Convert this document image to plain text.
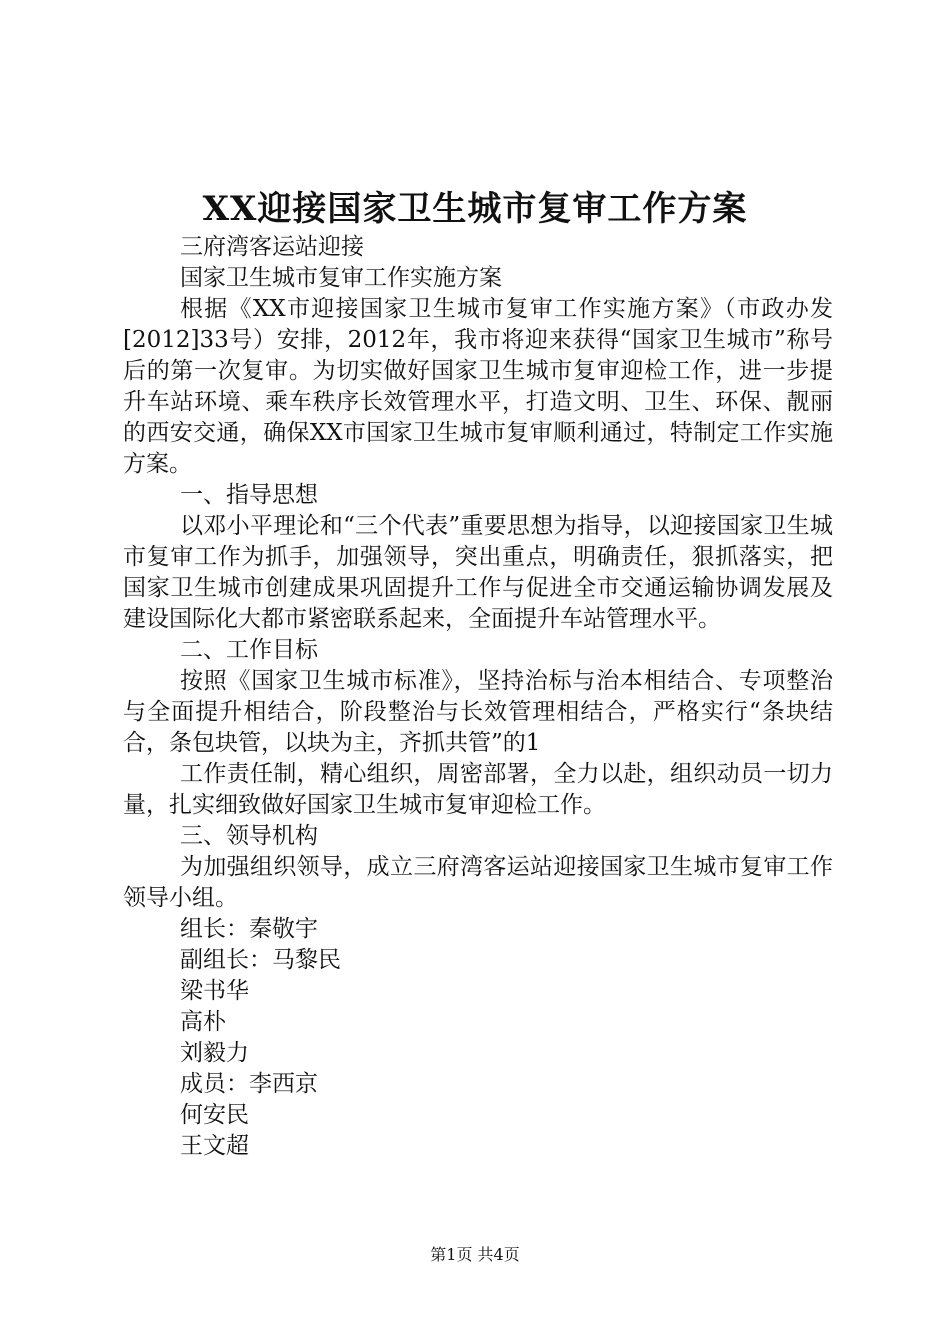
XX迎接国家卫生城市复审工作方案

三府湾客运站迎接

国家卫生城市复审工作实施方案

根据《XX市迎接国家卫生城市复审工作实施方案》（市政办发[2012]33号）安排，2012年，我市将迎来获得“国家卫生城市”称号后的第一次复审。为切实做好国家卫生城市复审迎检工作，进一步提升车站环境、乘车秩序长效管理水平，打造文明、卫生、环保、靓丽的西安交通，确保XX市国家卫生城市复审顺利通过，特制定工作实施方案。

一、指导思想

以邓小平理论和“三个代表”重要思想为指导，以迎接国家卫生城市复审工作为抓手，加强领导，突出重点，明确责任，狠抓落实，把国家卫生城市创建成果巩固提升工作与促进全市交通运输协调发展及建设国际化大都市紧密联系起来，全面提升车站管理水平。

二、工作目标

按照《国家卫生城市标准》，坚持治标与治本相结合、专项整治与全面提升相结合，阶段整治与长效管理相结合，严格实行“条块结合，条包块管，以块为主，齐抓共管”的1

工作责任制，精心组织，周密部署，全力以赴，组织动员一切力量，扎实细致做好国家卫生城市复审迎检工作。

三、领导机构

为加强组织领导，成立三府湾客运站迎接国家卫生城市复审工作领导小组。

组长：秦敬宇

副组长：马黎民

梁书华

高朴

刘毅力

成员：李西京

何安民

王文超

第1页 共4页
